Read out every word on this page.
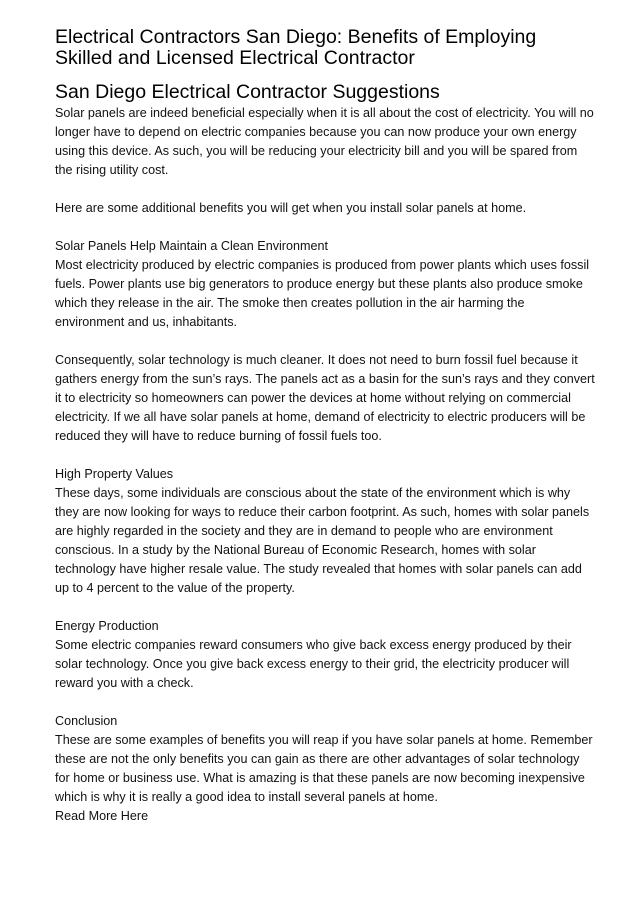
Electrical Contractors San Diego: Benefits of Employing Skilled and Licensed Electrical Contractor
San Diego Electrical Contractor Suggestions

Solar panels are indeed beneficial especially when it is all about the cost of electricity. You will no longer have to depend on electric companies because you can now produce your own energy using this device. As such, you will be reducing your electricity bill and you will be spared from the rising utility cost.

Here are some additional benefits you will get when you install solar panels at home.

Solar Panels Help Maintain a Clean Environment

Most electricity produced by electric companies is produced from power plants which uses fossil fuels. Power plants use big generators to produce energy but these plants also produce smoke which they release in the air. The smoke then creates pollution in the air harming the environment and us, inhabitants.

Consequently, solar technology is much cleaner. It does not need to burn fossil fuel because it gathers energy from the sun’s rays. The panels act as a basin for the sun’s rays and they convert it to electricity so homeowners can power the devices at home without relying on commercial electricity. If we all have solar panels at home, demand of electricity to electric producers will be reduced they will have to reduce burning of fossil fuels too.

High Property Values

These days, some individuals are conscious about the state of the environment which is why they are now looking for ways to reduce their carbon footprint. As such, homes with solar panels are highly regarded in the society and they are in demand to people who are environment conscious. In a study by the National Bureau of Economic Research, homes with solar technology have higher resale value. The study revealed that homes with solar panels can add up to 4 percent to the value of the property.

Energy Production

Some electric companies reward consumers who give back excess energy produced by their solar technology. Once you give back excess energy to their grid, the electricity producer will reward you with a check.

Conclusion

These are some examples of benefits you will reap if you have solar panels at home. Remember these are not the only benefits you can gain as there are other advantages of solar technology for home or business use. What is amazing is that these panels are now becoming inexpensive which is why it is really a good idea to install several panels at home.

Read More Here
